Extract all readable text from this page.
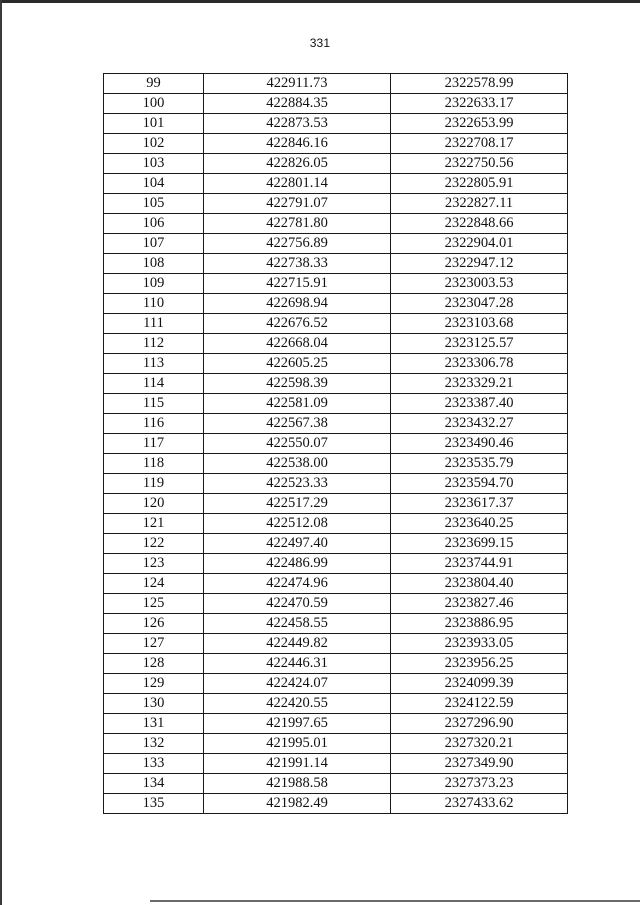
331
99	422911.73	2322578.99
100	422884.35	2322633.17
101	422873.53	2322653.99
102	422846.16	2322708.17
103	422826.05	2322750.56
104	422801.14	2322805.91
105	422791.07	2322827.11
106	422781.80	2322848.66
107	422756.89	2322904.01
108	422738.33	2322947.12
109	422715.91	2323003.53
110	422698.94	2323047.28
111	422676.52	2323103.68
112	422668.04	2323125.57
113	422605.25	2323306.78
114	422598.39	2323329.21
115	422581.09	2323387.40
116	422567.38	2323432.27
117	422550.07	2323490.46
118	422538.00	2323535.79
119	422523.33	2323594.70
120	422517.29	2323617.37
121	422512.08	2323640.25
122	422497.40	2323699.15
123	422486.99	2323744.91
124	422474.96	2323804.40
125	422470.59	2323827.46
126	422458.55	2323886.95
127	422449.82	2323933.05
128	422446.31	2323956.25
129	422424.07	2324099.39
130	422420.55	2324122.59
131	421997.65	2327296.90
132	421995.01	2327320.21
133	421991.14	2327349.90
134	421988.58	2327373.23
135	421982.49	2327433.62
